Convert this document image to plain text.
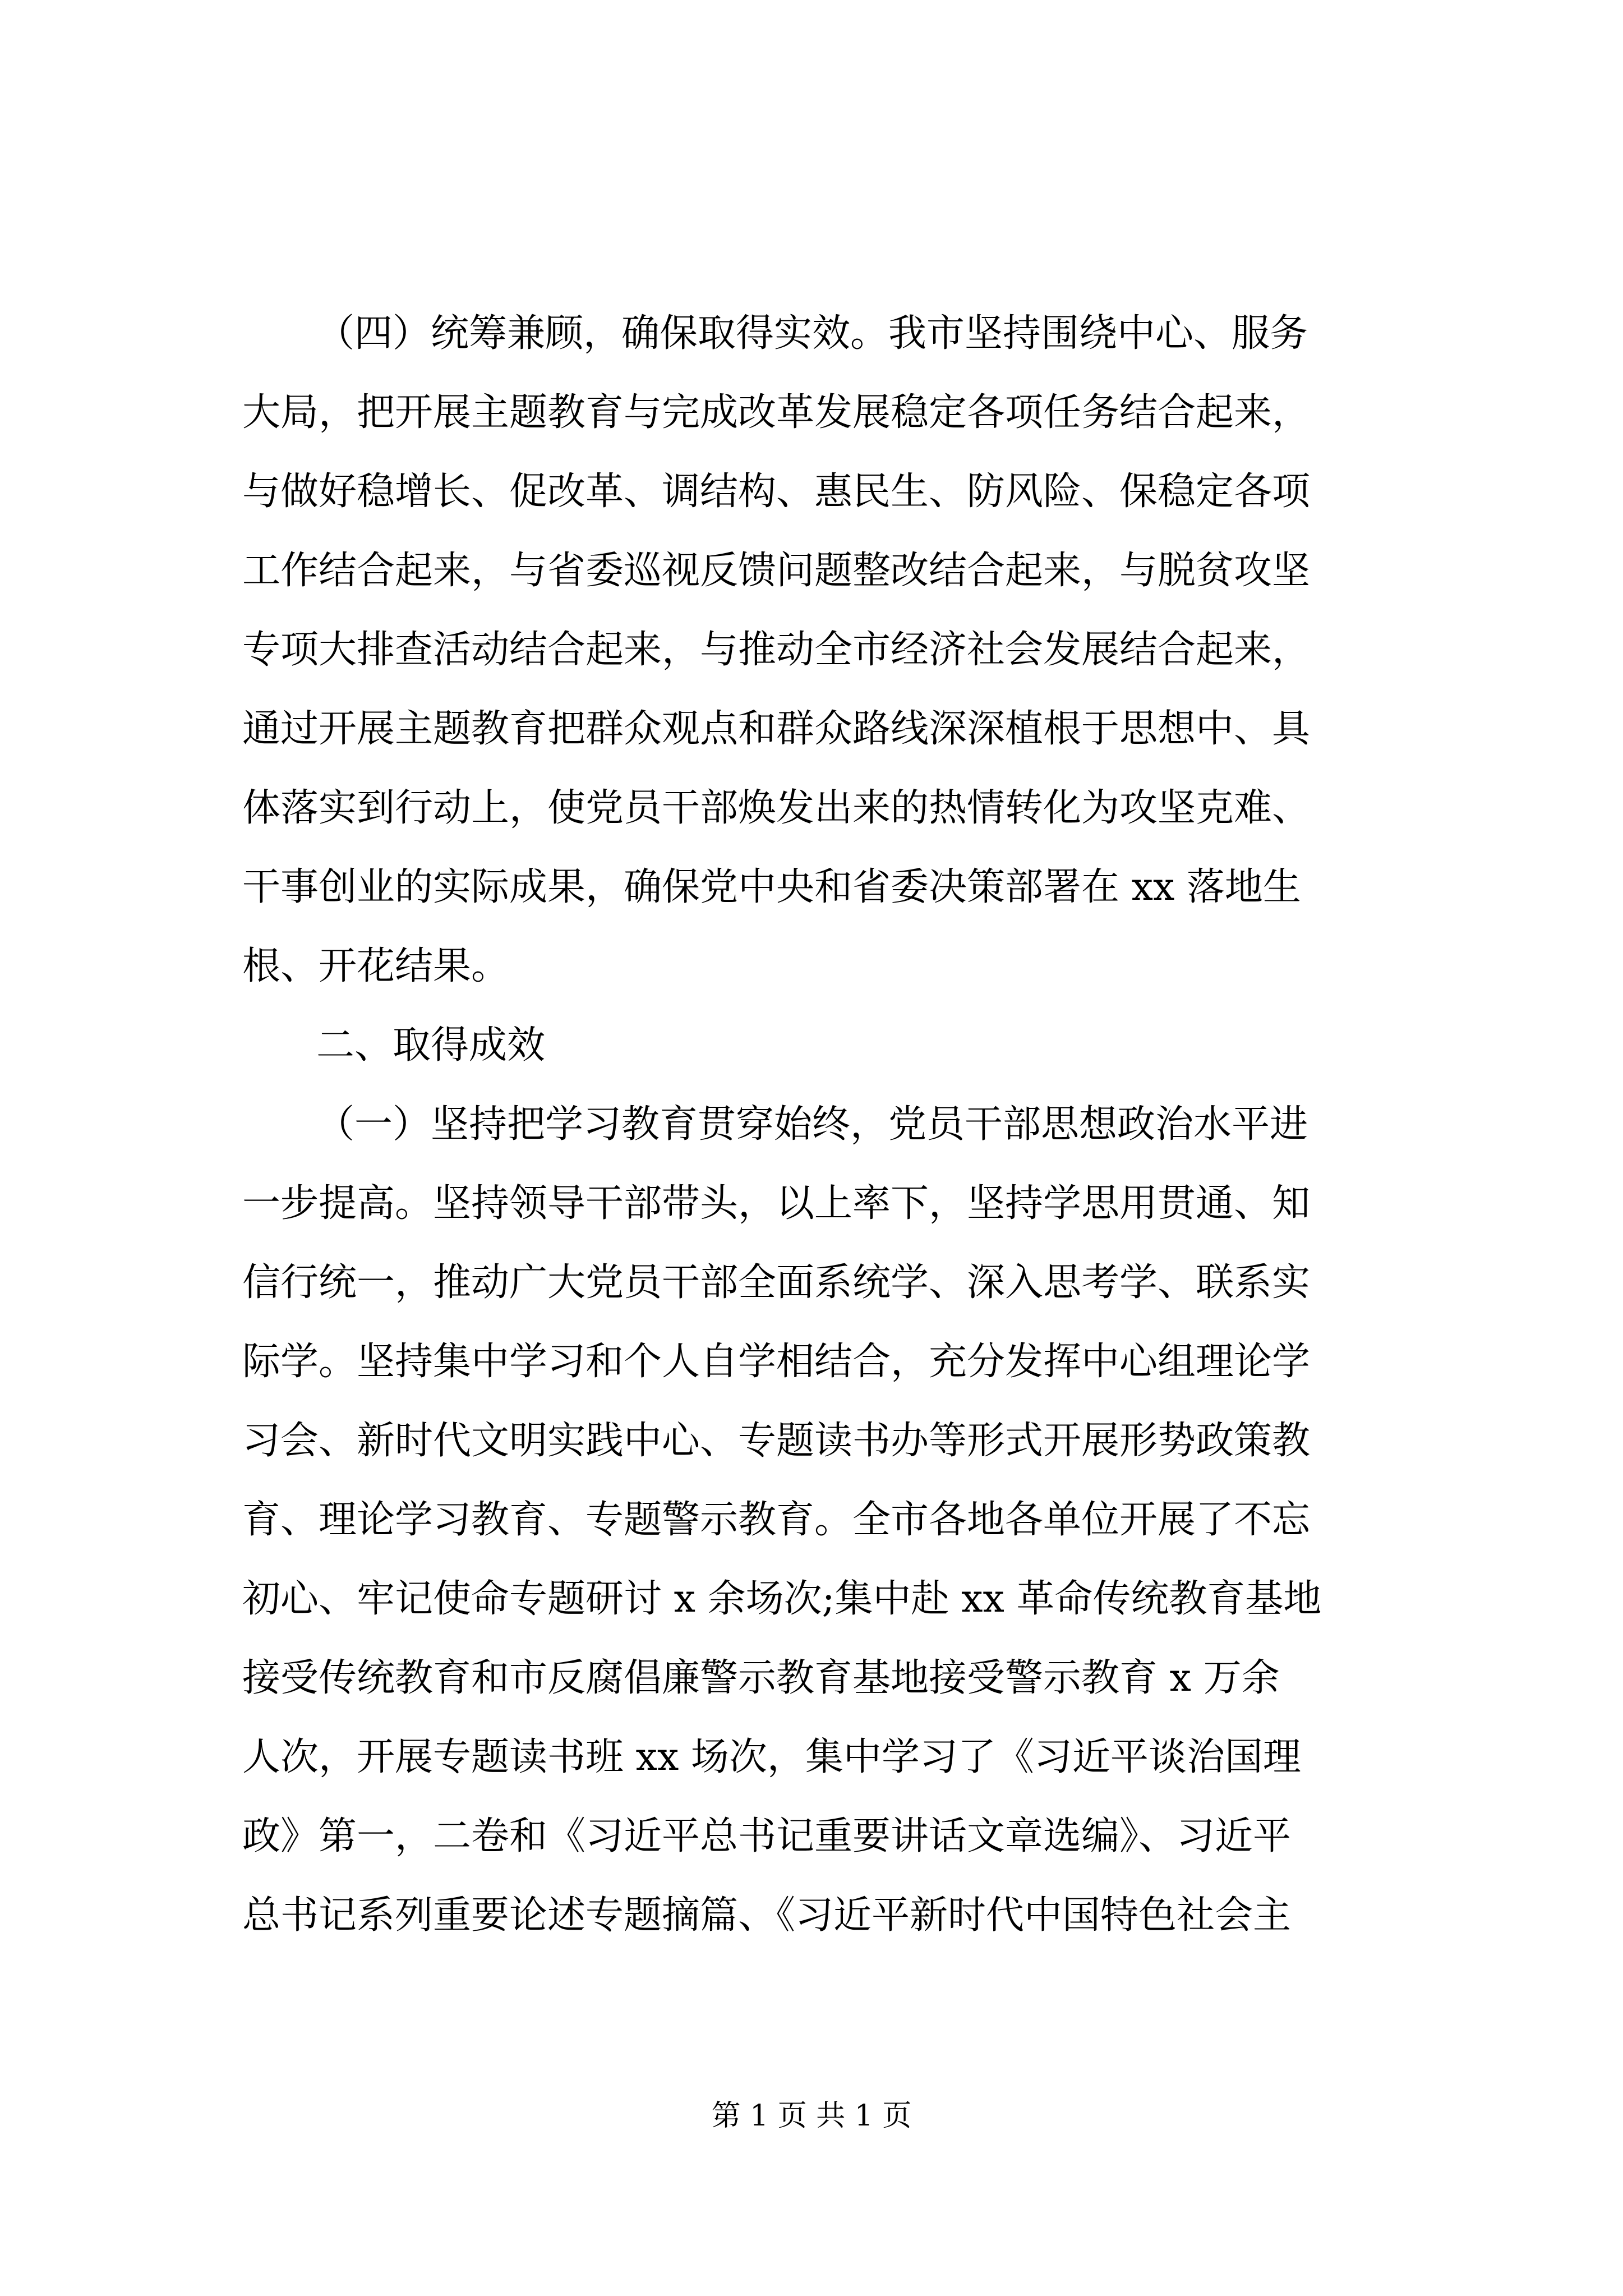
（四）统筹兼顾，确保取得实效。我市坚持围绕中心、服务
大局，把开展主题教育与完成改革发展稳定各项任务结合起来，
与做好稳增长、促改革、调结构、惠民生、防风险、保稳定各项
工作结合起来，与省委巡视反馈问题整改结合起来，与脱贫攻坚
专项大排查活动结合起来，与推动全市经济社会发展结合起来，
通过开展主题教育把群众观点和群众路线深深植根于思想中、具
体落实到行动上，使党员干部焕发出来的热情转化为攻坚克难、
干事创业的实际成果，确保党中央和省委决策部署在 xx 落地生
根、开花结果。
二、取得成效
（一）坚持把学习教育贯穿始终，党员干部思想政治水平进
一步提高。坚持领导干部带头，以上率下，坚持学思用贯通、知
信行统一，推动广大党员干部全面系统学、深入思考学、联系实
际学。坚持集中学习和个人自学相结合，充分发挥中心组理论学
习会、新时代文明实践中心、专题读书办等形式开展形势政策教
育、理论学习教育、专题警示教育。全市各地各单位开展了不忘
初心、牢记使命专题研讨 x 余场次;集中赴 xx 革命传统教育基地
接受传统教育和市反腐倡廉警示教育基地接受警示教育 x 万余
人次，开展专题读书班 xx 场次，集中学习了《习近平谈治国理
政》第一，二卷和《习近平总书记重要讲话文章选编》、习近平
总书记系列重要论述专题摘篇、《习近平新时代中国特色社会主
第 1 页 共 1 页
